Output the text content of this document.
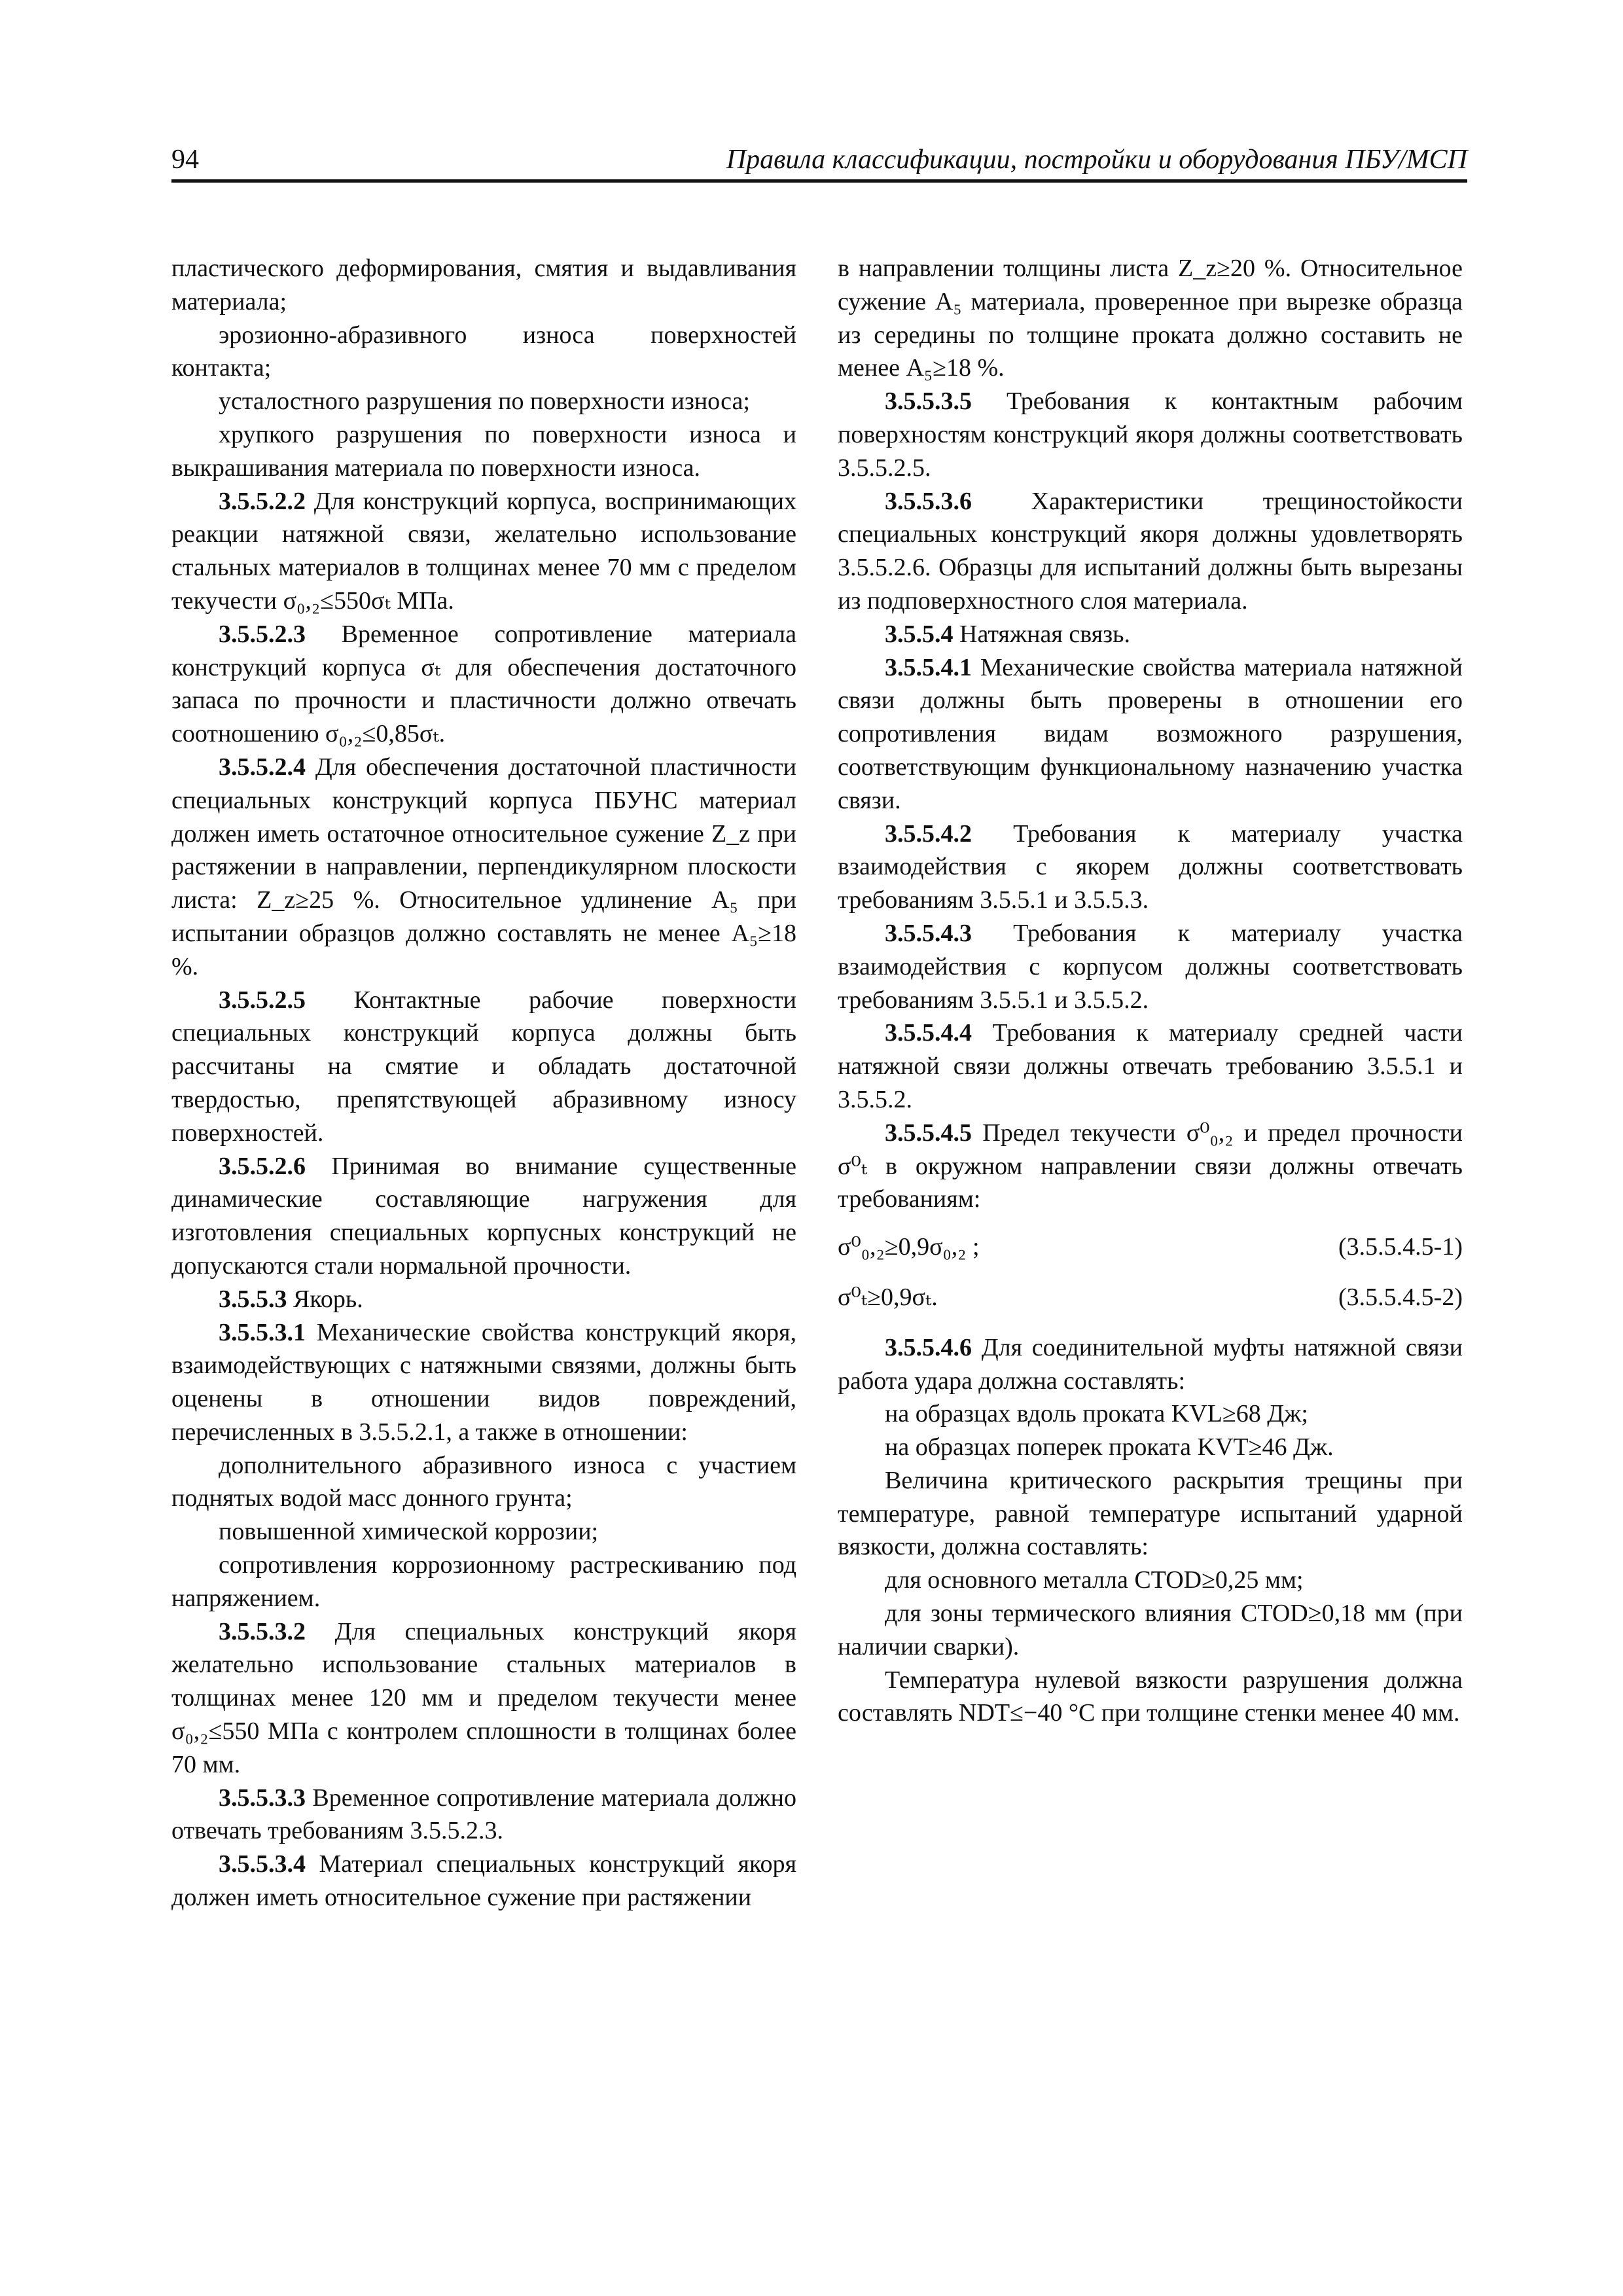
94	Правила классификации, постройки и оборудования ПБУ/МСП

пластического деформирования, смятия и выдавливания материала;

эрозионно-абразивного износа поверхностей контакта;

усталостного разрушения по поверхности износа;

хрупкого разрушения по поверхности износа и выкрашивания материала по поверхности износа.

3.5.5.2.2 Для конструкций корпуса, воспринимающих реакции натяжной связи, желательно использование стальных материалов в толщинах менее 70 мм с пределом текучести σ₀,₂≤550σₜ МПа.

3.5.5.2.3 Временное сопротивление материала конструкций корпуса σₜ для обеспечения достаточного запаса по прочности и пластичности должно отвечать соотношению σ₀,₂≤0,85σₜ.

3.5.5.2.4 Для обеспечения достаточной пластичности специальных конструкций корпуса ПБУНС материал должен иметь остаточное относительное сужение Z_z при растяжении в направлении, перпендикулярном плоскости листа: Z_z≥25 %. Относительное удлинение A₅ при испытании образцов должно составлять не менее A₅≥18 %.

3.5.5.2.5 Контактные рабочие поверхности специальных конструкций корпуса должны быть рассчитаны на смятие и обладать достаточной твердостью, препятствующей абразивному износу поверхностей.

3.5.5.2.6 Принимая во внимание существенные динамические составляющие нагружения для изготовления специальных корпусных конструкций не допускаются стали нормальной прочности.

3.5.5.3 Якорь.

3.5.5.3.1 Механические свойства конструкций якоря, взаимодействующих с натяжными связями, должны быть оценены в отношении видов повреждений, перечисленных в 3.5.5.2.1, а также в отношении:

дополнительного абразивного износа с участием поднятых водой масс донного грунта;

повышенной химической коррозии;

сопротивления коррозионному растрескиванию под напряжением.

3.5.5.3.2 Для специальных конструкций якоря желательно использование стальных материалов в толщинах менее 120 мм и пределом текучести менее σ₀,₂≤550 МПа с контролем сплошности в толщинах более 70 мм.

3.5.5.3.3 Временное сопротивление материала должно отвечать требованиям 3.5.5.2.3.

3.5.5.3.4 Материал специальных конструкций якоря должен иметь относительное сужение при растяжении

в направлении толщины листа Z_z≥20 %. Относительное сужение A₅ материала, проверенное при вырезке образца из середины по толщине проката должно составить не менее A₅≥18 %.

3.5.5.3.5 Требования к контактным рабочим поверхностям конструкций якоря должны соответствовать 3.5.5.2.5.

3.5.5.3.6 Характеристики трещиностойкости специальных конструкций якоря должны удовлетворять 3.5.5.2.6. Образцы для испытаний должны быть вырезаны из подповерхностного слоя материала.

3.5.5.4 Натяжная связь.

3.5.5.4.1 Механические свойства материала натяжной связи должны быть проверены в отношении его сопротивления видам возможного разрушения, соответствующим функциональному назначению участка связи.

3.5.5.4.2 Требования к материалу участка взаимодействия с якорем должны соответствовать требованиям 3.5.5.1 и 3.5.5.3.

3.5.5.4.3 Требования к материалу участка взаимодействия с корпусом должны соответствовать требованиям 3.5.5.1 и 3.5.5.2.

3.5.5.4.4 Требования к материалу средней части натяжной связи должны отвечать требованию 3.5.5.1 и 3.5.5.2.

3.5.5.4.5 Предел текучести σ⁰₀,₂ и предел прочности σ⁰ₜ в окружном направлении связи должны отвечать требованиям:

σ⁰₀,₂≥0,9σ₀,₂ ;	(3.5.5.4.5-1)
σ⁰ₜ≥0,9σₜ.	(3.5.5.4.5-2)

3.5.5.4.6 Для соединительной муфты натяжной связи работа удара должна составлять:

на образцах вдоль проката KVL≥68 Дж;

на образцах поперек проката KVT≥46 Дж.

Величина критического раскрытия трещины при температуре, равной температуре испытаний ударной вязкости, должна составлять:

для основного металла CTOD≥0,25 мм;

для зоны термического влияния CTOD≥0,18 мм (при наличии сварки).

Температура нулевой вязкости разрушения должна составлять NDT≤−40 °С при толщине стенки менее 40 мм.
